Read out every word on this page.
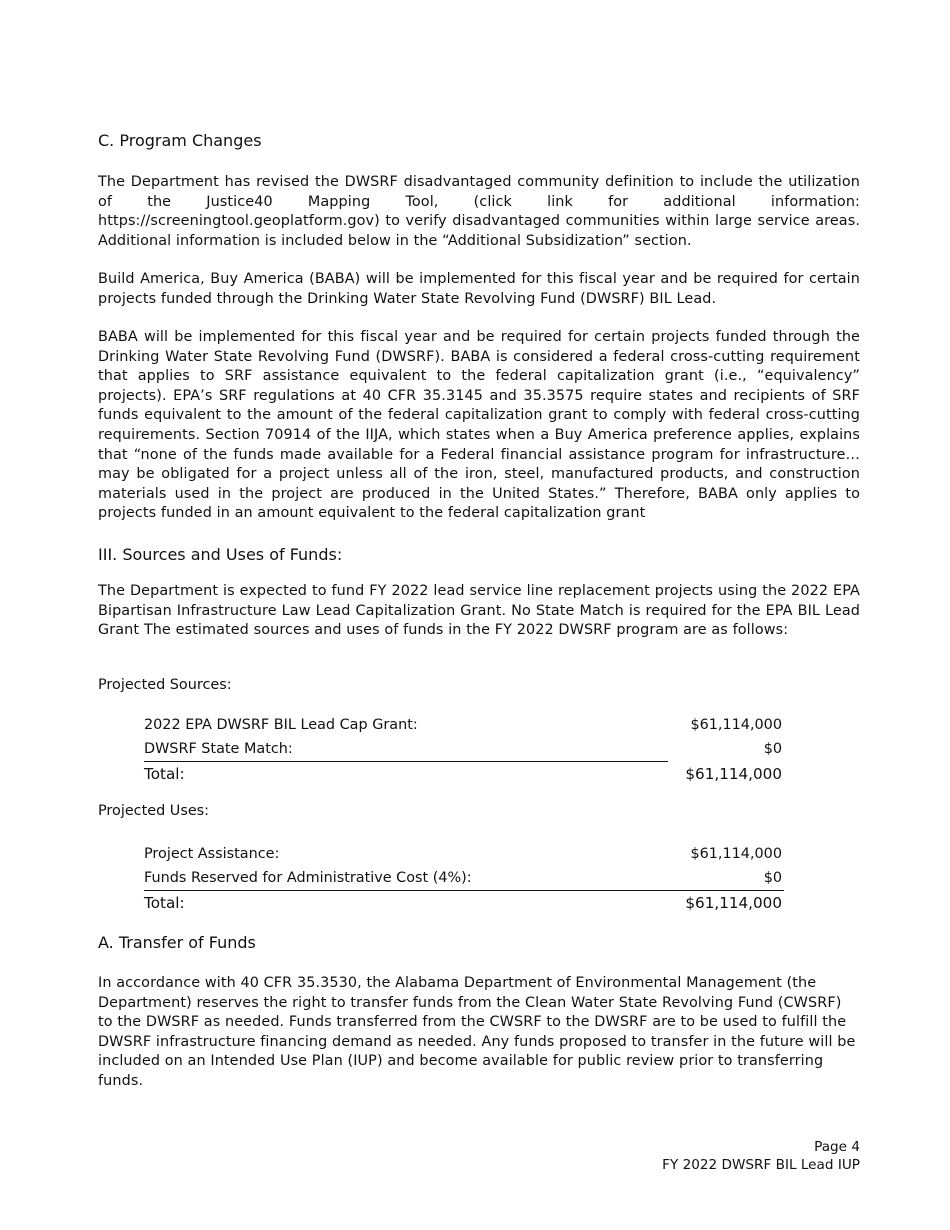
C. Program Changes
The Department has revised the DWSRF disadvantaged community definition to include the utilization of the Justice40 Mapping Tool, (click link for additional information: https://screeningtool.geoplatform.gov) to verify disadvantaged communities within large service areas. Additional information is included below in the “Additional Subsidization” section.
Build America, Buy America (BABA) will be implemented for this fiscal year and be required for certain projects funded through the Drinking Water State Revolving Fund (DWSRF) BIL Lead.
BABA will be implemented for this fiscal year and be required for certain projects funded through the Drinking Water State Revolving Fund (DWSRF). BABA is considered a federal cross-cutting requirement that applies to SRF assistance equivalent to the federal capitalization grant (i.e., “equivalency” projects). EPA’s SRF regulations at 40 CFR 35.3145 and 35.3575 require states and recipients of SRF funds equivalent to the amount of the federal capitalization grant to comply with federal cross-cutting requirements. Section 70914 of the IIJA, which states when a Buy America preference applies, explains that “none of the funds made available for a Federal financial assistance program for infrastructure…may be obligated for a project unless all of the iron, steel, manufactured products, and construction materials used in the project are produced in the United States.” Therefore, BABA only applies to projects funded in an amount equivalent to the federal capitalization grant
III. Sources and Uses of Funds:
The Department is expected to fund FY 2022 lead service line replacement projects using the 2022 EPA Bipartisan Infrastructure Law Lead Capitalization Grant. No State Match is required for the EPA BIL Lead Grant The estimated sources and uses of funds in the FY 2022 DWSRF program are as follows:
Projected Sources:
2022 EPA DWSRF BIL Lead Cap Grant:	$61,114,000
DWSRF State Match:	$0
Total:	$61,114,000
Projected Uses:
Project Assistance:	$61,114,000
Funds Reserved for Administrative Cost (4%):	$0
Total:	$61,114,000
A. Transfer of Funds
In accordance with 40 CFR 35.3530, the Alabama Department of Environmental Management (the Department) reserves the right to transfer funds from the Clean Water State Revolving Fund (CWSRF) to the DWSRF as needed. Funds transferred from the CWSRF to the DWSRF are to be used to fulfill the DWSRF infrastructure financing demand as needed. Any funds proposed to transfer in the future will be included on an Intended Use Plan (IUP) and become available for public review prior to transferring funds.
Page 4
FY 2022 DWSRF BIL Lead IUP
